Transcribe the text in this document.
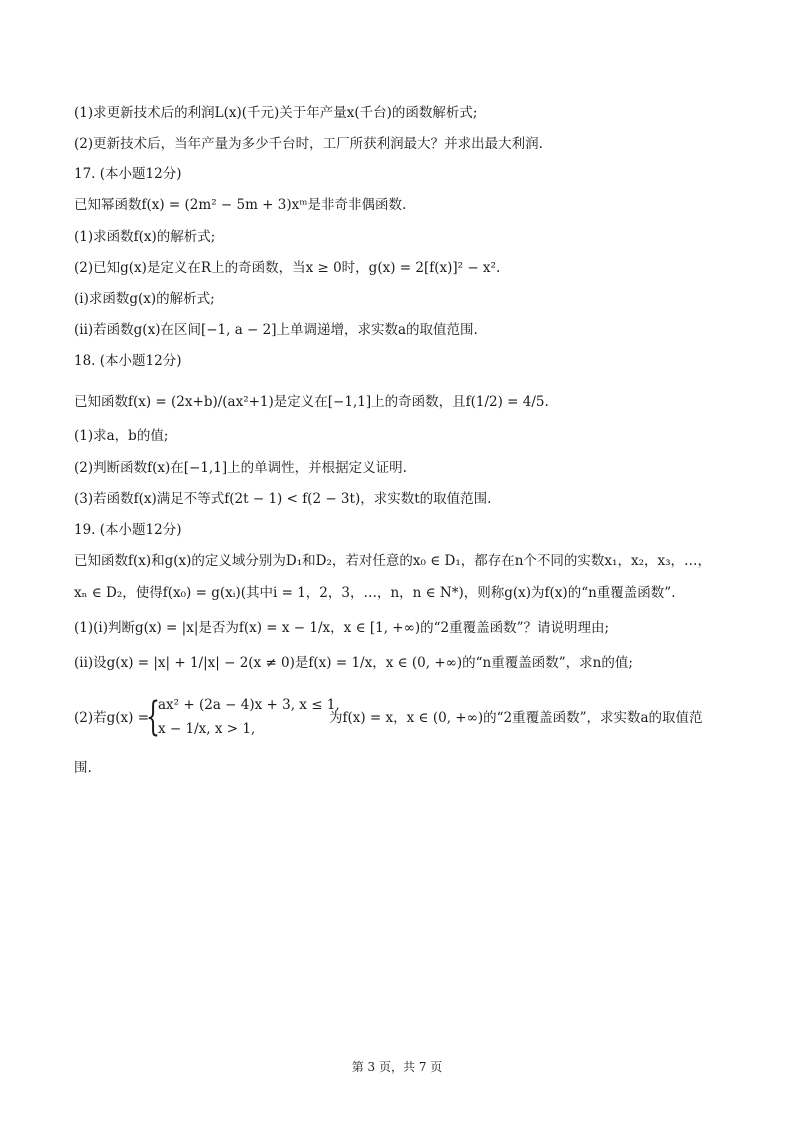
(1)求更新技术后的利润L(x)(千元)关于年产量x(千台)的函数解析式;
(2)更新技术后，当年产量为多少千台时，工厂所获利润最大？并求出最大利润.
17. (本小题12分)
已知幂函数f(x) = (2m² − 5m + 3)xᵐ是非奇非偶函数.
(1)求函数f(x)的解析式;
(2)已知g(x)是定义在R上的奇函数，当x ≥ 0时，g(x) = 2[f(x)]² − x².
(i)求函数g(x)的解析式;
(ii)若函数g(x)在区间[−1, a − 2]上单调递增，求实数a的取值范围.
18. (本小题12分)
已知函数f(x) = (2x+b)/(ax²+1)是定义在[−1,1]上的奇函数，且f(1/2) = 4/5.
(1)求a，b的值;
(2)判断函数f(x)在[−1,1]上的单调性，并根据定义证明.
(3)若函数f(x)满足不等式f(2t − 1) < f(2 − 3t)，求实数t的取值范围.
19. (本小题12分)
已知函数f(x)和g(x)的定义域分别为D₁和D₂，若对任意的x₀ ∈ D₁，都存在n个不同的实数x₁，x₂，x₃，…，
xₙ ∈ D₂，使得f(x₀) = g(xᵢ)(其中i = 1，2，3，…，n，n ∈ N*)，则称g(x)为f(x)的“n重覆盖函数”.
(1)(i)判断g(x) = |x|是否为f(x) = x − 1/x，x ∈ [1, +∞)的“2重覆盖函数”？请说明理由;
(ii)设g(x) = |x| + 1/|x| − 2(x ≠ 0)是f(x) = 1/x，x ∈ (0, +∞)的“n重覆盖函数”，求n的值;
(2)若g(x) =
{
ax² + (2a − 4)x + 3, x ≤ 1,
x − 1/x, x > 1,
为f(x) = x，x ∈ (0, +∞)的“2重覆盖函数”，求实数a的取值范
围.
第 3 页，共 7 页
